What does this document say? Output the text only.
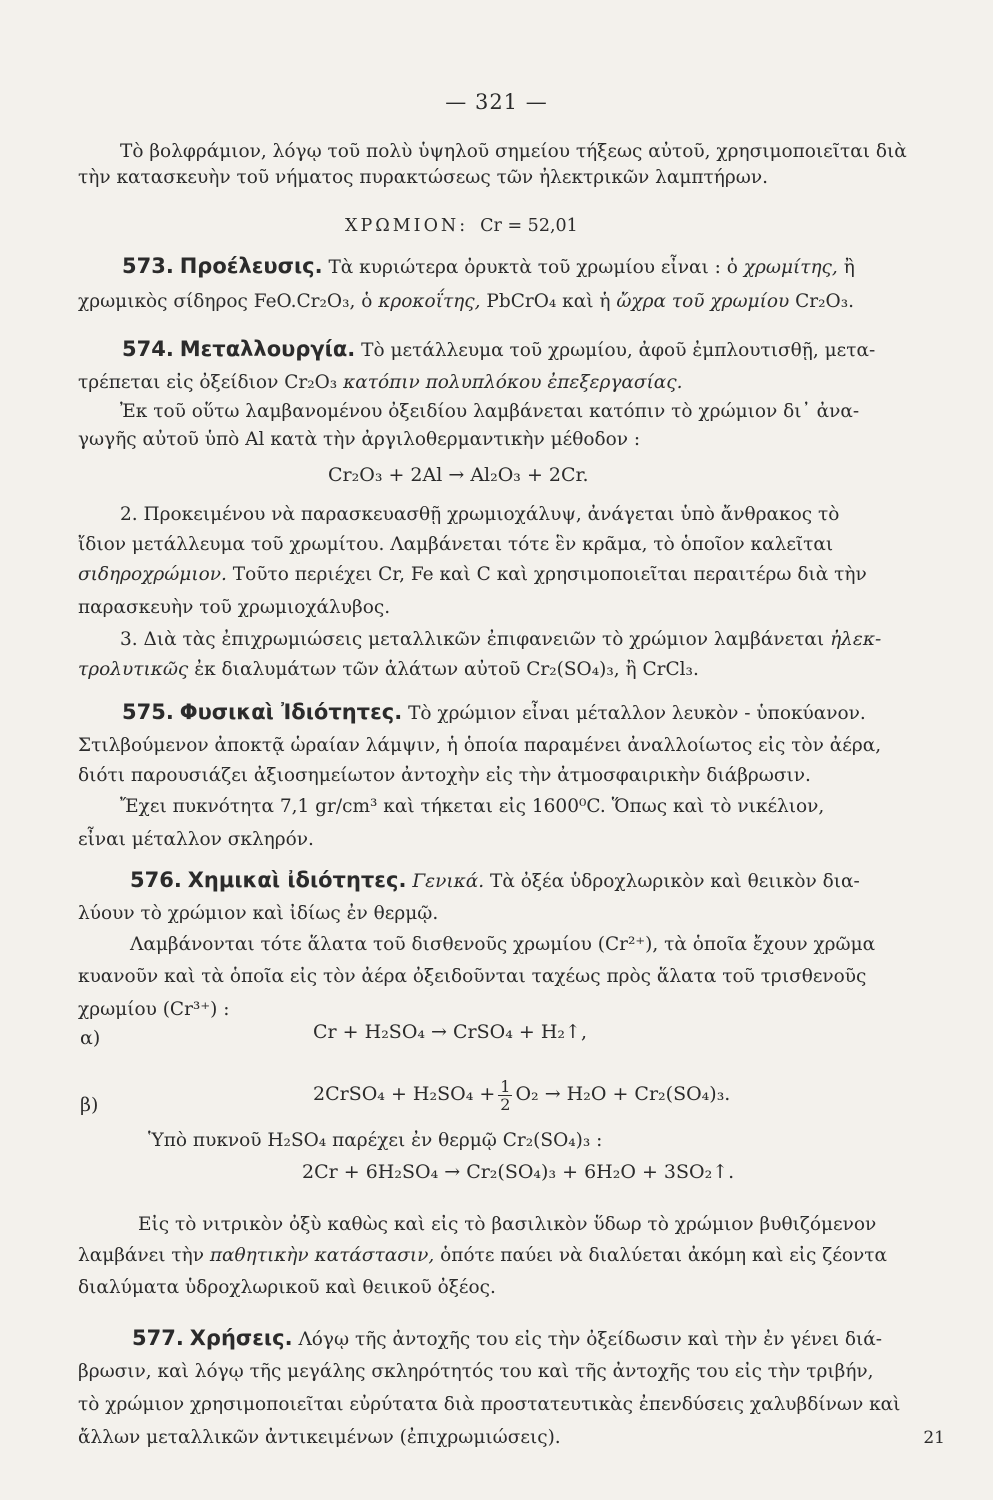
— 321 —
Τὸ βολφράμιον, λόγῳ τοῦ πολὺ ὑψηλοῦ σημείου τήξεως αὐτοῦ, χρησιμοποιεῖται διὰ
τὴν κατασκευὴν τοῦ νήματος πυρακτώσεως τῶν ἠλεκτρικῶν λαμπτήρων.
ΧΡΩΜΙΟΝ: Cr = 52,01
573. Προέλευσις. Τὰ κυριώτερα ὀρυκτὰ τοῦ χρωμίου εἶναι : ὁ χρωμίτης, ἢ
χρωμικὸς σίδηρος FeO.Cr₂O₃, ὁ κροκοΐτης, PbCrO₄ καὶ ἡ ὤχρα τοῦ χρωμίου Cr₂O₃.
574. Μεταλλουργία. Τὸ μετάλλευμα τοῦ χρωμίου, ἀφοῦ ἐμπλουτισθῇ, μετα-
τρέπεται εἰς ὀξείδιον Cr₂O₃ κατόπιν πολυπλόκου ἐπεξεργασίας.
Ἐκ τοῦ οὕτω λαμβανομένου ὀξειδίου λαμβάνεται κατόπιν τὸ χρώμιον δι᾽ ἀνα-
γωγῆς αὐτοῦ ὑπὸ Al κατὰ τὴν ἀργιλοθερμαντικὴν μέθοδον :
Cr₂O₃ + 2Al → Al₂O₃ + 2Cr.
2. Προκειμένου νὰ παρασκευασθῇ χρωμιοχάλυψ, ἀνάγεται ὑπὸ ἄνθρακος τὸ
ἴδιον μετάλλευμα τοῦ χρωμίτου. Λαμβάνεται τότε ἓν κρᾶμα, τὸ ὁποῖον καλεῖται
σιδηροχρώμιον. Τοῦτο περιέχει Cr, Fe καὶ C καὶ χρησιμοποιεῖται περαιτέρω διὰ τὴν
παρασκευὴν τοῦ χρωμιοχάλυβος.
3. Διὰ τὰς ἐπιχρωμιώσεις μεταλλικῶν ἐπιφανειῶν τὸ χρώμιον λαμβάνεται ἠλεκ-
τρολυτικῶς ἐκ διαλυμάτων τῶν ἁλάτων αὐτοῦ Cr₂(SO₄)₃, ἢ CrCl₃.
575. Φυσικαὶ Ἰδιότητες. Τὸ χρώμιον εἶναι μέταλλον λευκὸν - ὑποκύανον.
Στιλβούμενον ἀποκτᾷ ὡραίαν λάμψιν, ἡ ὁποία παραμένει ἀναλλοίωτος εἰς τὸν ἀέρα,
διότι παρουσιάζει ἀξιοσημείωτον ἀντοχὴν εἰς τὴν ἀτμοσφαιρικὴν διάβρωσιν.
Ἔχει πυκνότητα 7,1 gr/cm³ καὶ τήκεται εἰς 1600⁰C. Ὅπως καὶ τὸ νικέλιον,
εἶναι μέταλλον σκληρόν.
576. Χημικαὶ ἰδιότητες. Γενικά. Τὰ ὀξέα ὑδροχλωρικὸν καὶ θειικὸν δια-
λύουν τὸ χρώμιον καὶ ἰδίως ἐν θερμῷ.
Λαμβάνονται τότε ἅλατα τοῦ δισθενοῦς χρωμίου (Cr²⁺), τὰ ὁποῖα ἔχουν χρῶμα
κυανοῦν καὶ τὰ ὁποῖα εἰς τὸν ἀέρα ὀξειδοῦνται ταχέως πρὸς ἅλατα τοῦ τρισθενοῦς
χρωμίου (Cr³⁺) :
α)	Cr + H₂SO₄ → CrSO₄ + H₂↑,
β)	2CrSO₄ + $H_2SO_4 + \frac{1}{2} O_2 \to H_2O + Cr_2(SO_4)_3$.
Ὑπὸ πυκνοῦ H₂SO₄ παρέχει ἐν θερμῷ Cr₂(SO₄)₃ :
2Cr + 6H₂SO₄ → Cr₂(SO₄)₃ + 6H₂O + 3SO₂↑.
Εἰς τὸ νιτρικὸν ὀξὺ καθὼς καὶ εἰς τὸ βασιλικὸν ὕδωρ τὸ χρώμιον βυθιζόμενον
λαμβάνει τὴν παθητικὴν κατάστασιν, ὁπότε παύει νὰ διαλύεται ἀκόμη καὶ εἰς ζέοντα
διαλύματα ὑδροχλωρικοῦ καὶ θειικοῦ ὀξέος.
577. Χρήσεις. Λόγῳ τῆς ἀντοχῆς του εἰς τὴν ὀξείδωσιν καὶ τὴν ἐν γένει διά-
βρωσιν, καὶ λόγῳ τῆς μεγάλης σκληρότητός του καὶ τῆς ἀντοχῆς του εἰς τὴν τριβήν,
τὸ χρώμιον χρησιμοποιεῖται εὐρύτατα διὰ προστατευτικὰς ἐπενδύσεις χαλυβδίνων καὶ
ἄλλων μεταλλικῶν ἀντικειμένων (ἐπιχρωμιώσεις).	21
